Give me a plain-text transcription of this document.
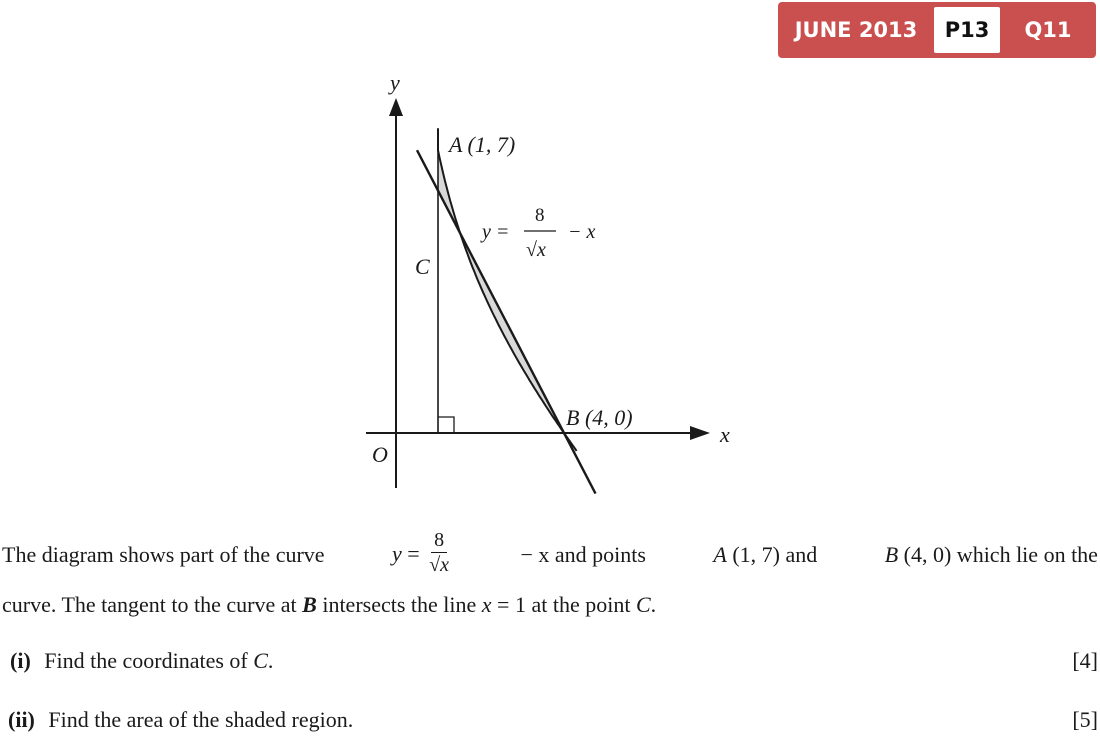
JUNE 2013	P13	Q11
y
x
O
A (1, 7)
B (4, 0)
C
y =
8
√x
− x
The diagram shows part of the curve	$y = \frac{8}{√x}$	− x and points	A (1, 7) and	B (4, 0) which lie on the
curve. The tangent to the curve at B intersects the line x = 1 at the point C.
(i) Find the coordinates of C.	[4]
(ii) Find the area of the shaded region.	[5]
